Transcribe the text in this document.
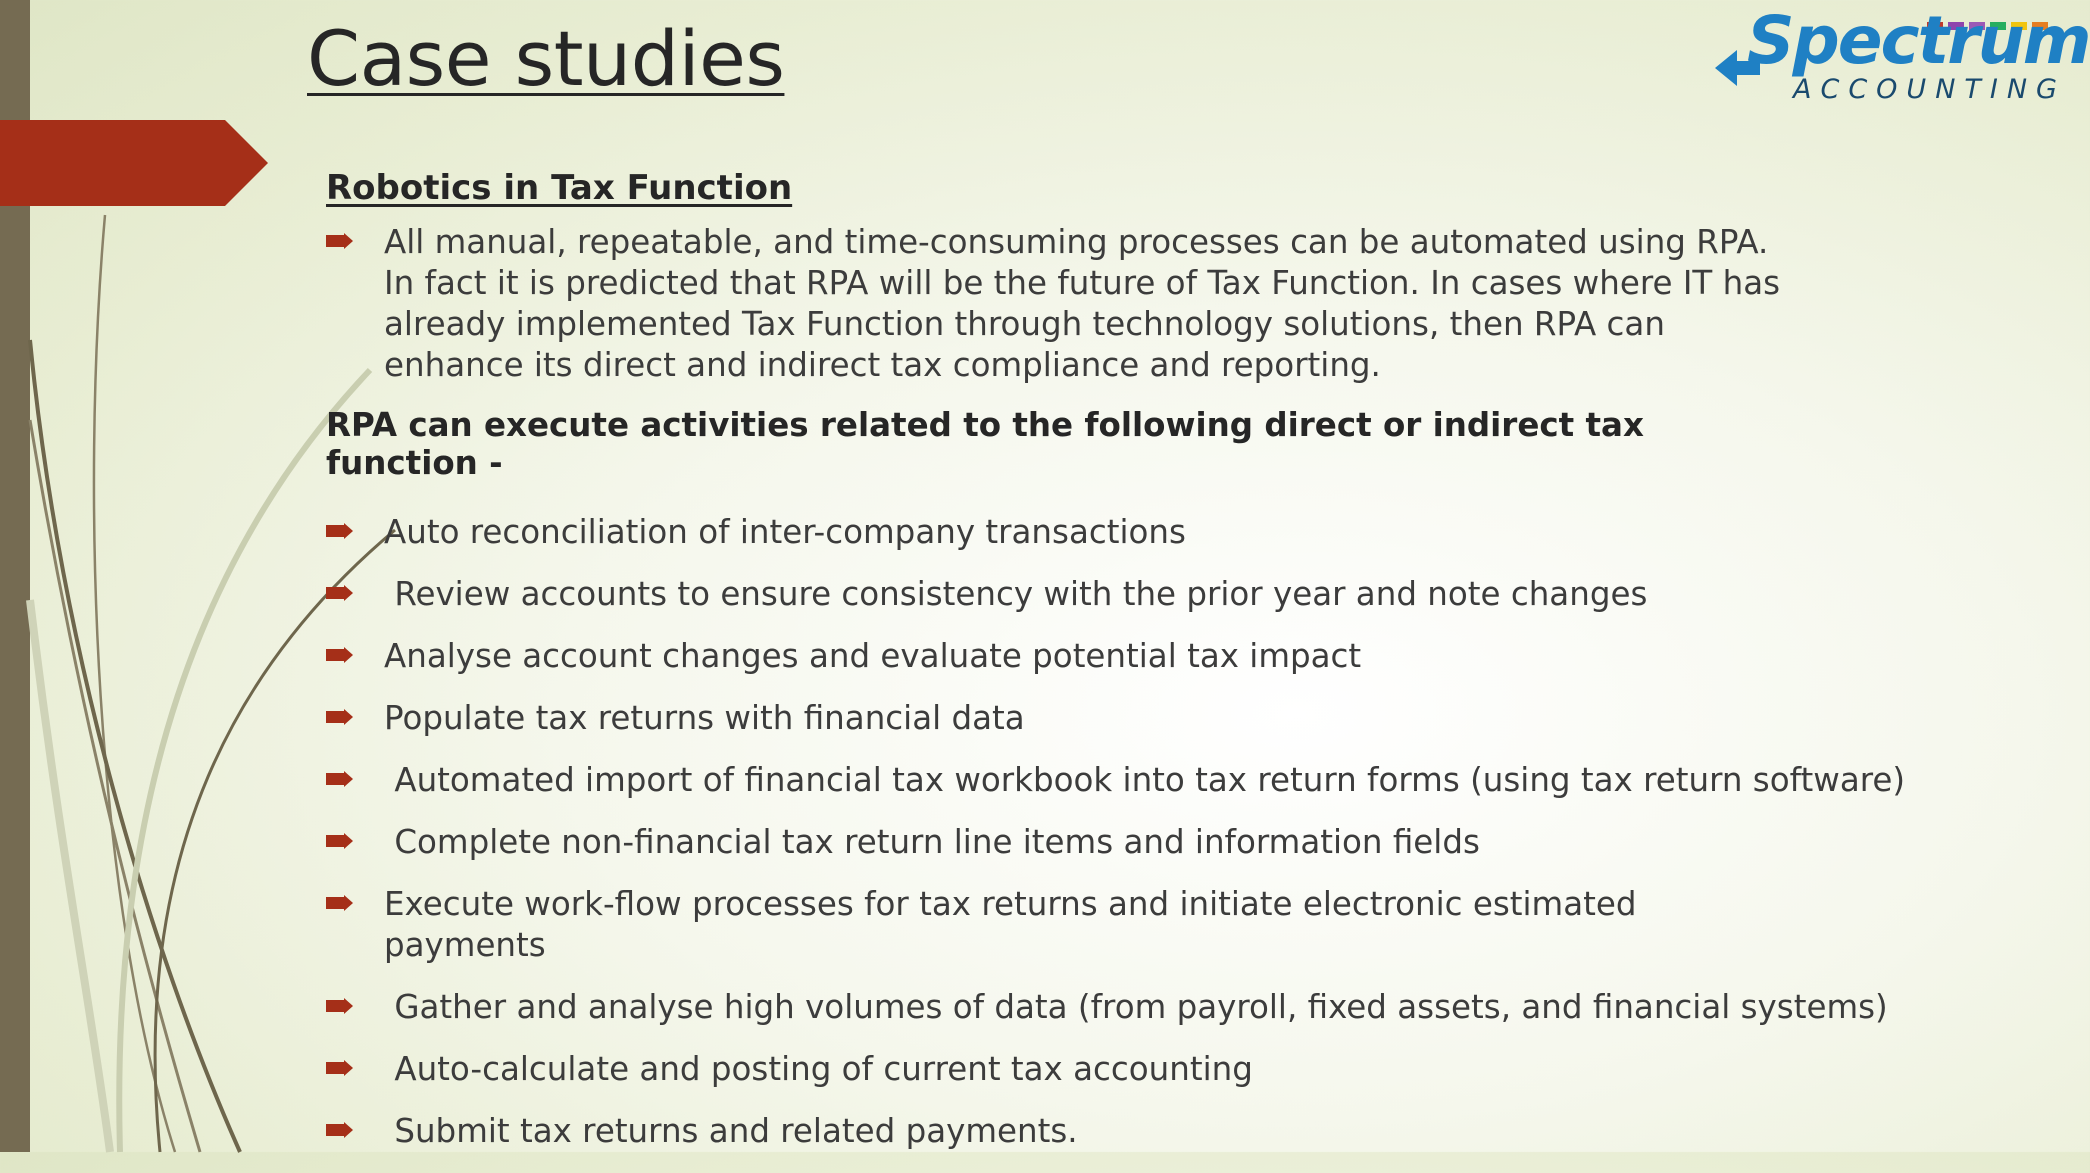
Case studies	Spectrum
ACCOUNTING

Robotics in Tax Function

All manual, repeatable, and time-consuming processes can be automated using RPA. In fact it is predicted that RPA will be the future of Tax Function. In cases where IT has already implemented Tax Function through technology solutions, then RPA can enhance its direct and indirect tax compliance and reporting.

RPA can execute activities related to the following direct or indirect tax function -

Auto reconciliation of inter-company transactions
Review accounts to ensure consistency with the prior year and note changes
Analyse account changes and evaluate potential tax impact
Populate tax returns with financial data
Automated import of financial tax workbook into tax return forms (using tax return software)
Complete non-financial tax return line items and information fields
Execute work-flow processes for tax returns and initiate electronic estimated payments
Gather and analyse high volumes of data (from payroll, fixed assets, and financial systems)
Auto-calculate and posting of current tax accounting
Submit tax returns and related payments.
